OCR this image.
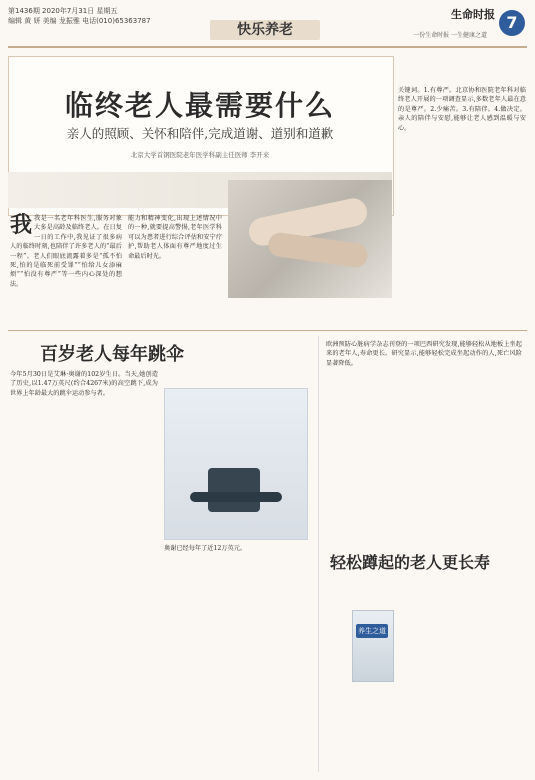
第1436期 2020年7月31日 星期五
编辑 黄 妍 美编 龙振雅 电话(010)65363787
快乐养老
生命时报
一份生命时报 一生健康之道
7
临终老人最需要什么
亲人的照顾、关怀和陪伴,完成道谢、道别和道歉
北京大学首钢医院老年医学科副主任医师 李开来
我 我是一名老年科医生,服务对象大多是高龄及临终老人。在日复一日的工作中,我见证了很多病人的临终时刻,也陪伴了许多老人的“最后一程”。老人们眼底流露着多是“孤不怕死,怕的是临死前受罪”“怕给儿女添麻烦”“怕没有尊严”等一些内心深处的想法。
能力和精神变化,出现上述情况中的一种,就要提高警惕,老年医学科可以为患者进行综合评估和安宁疗护,帮助老人体面有尊严地度过生命最后时光。
关键词。1.有尊严。北京协和医院老年科对临终老人开展的一项调查显示,多数老年人最在意的是尊严。2.少痛苦。3.有陪伴。4.做决定。亲人的陪伴与安慰,能够让老人感到温暖与安心。
百岁老人每年跳伞
今年5月30日是艾琳·奥谢的102岁生日。当天,她创造了历史,以1.47万英尺(约合4267米)的高空跳下,成为世界上年龄最大的跳伞运动参与者。
奥谢已经每年了近12万英元。
欧洲预防心脏病学杂志刊登的一项巴西研究发现,能够轻松从地板上坐起来的老年人,寿命更长。研究显示,能够轻松完成坐起动作的人,死亡风险显著降低。
轻松蹲起的老人更长寿
养生之道
